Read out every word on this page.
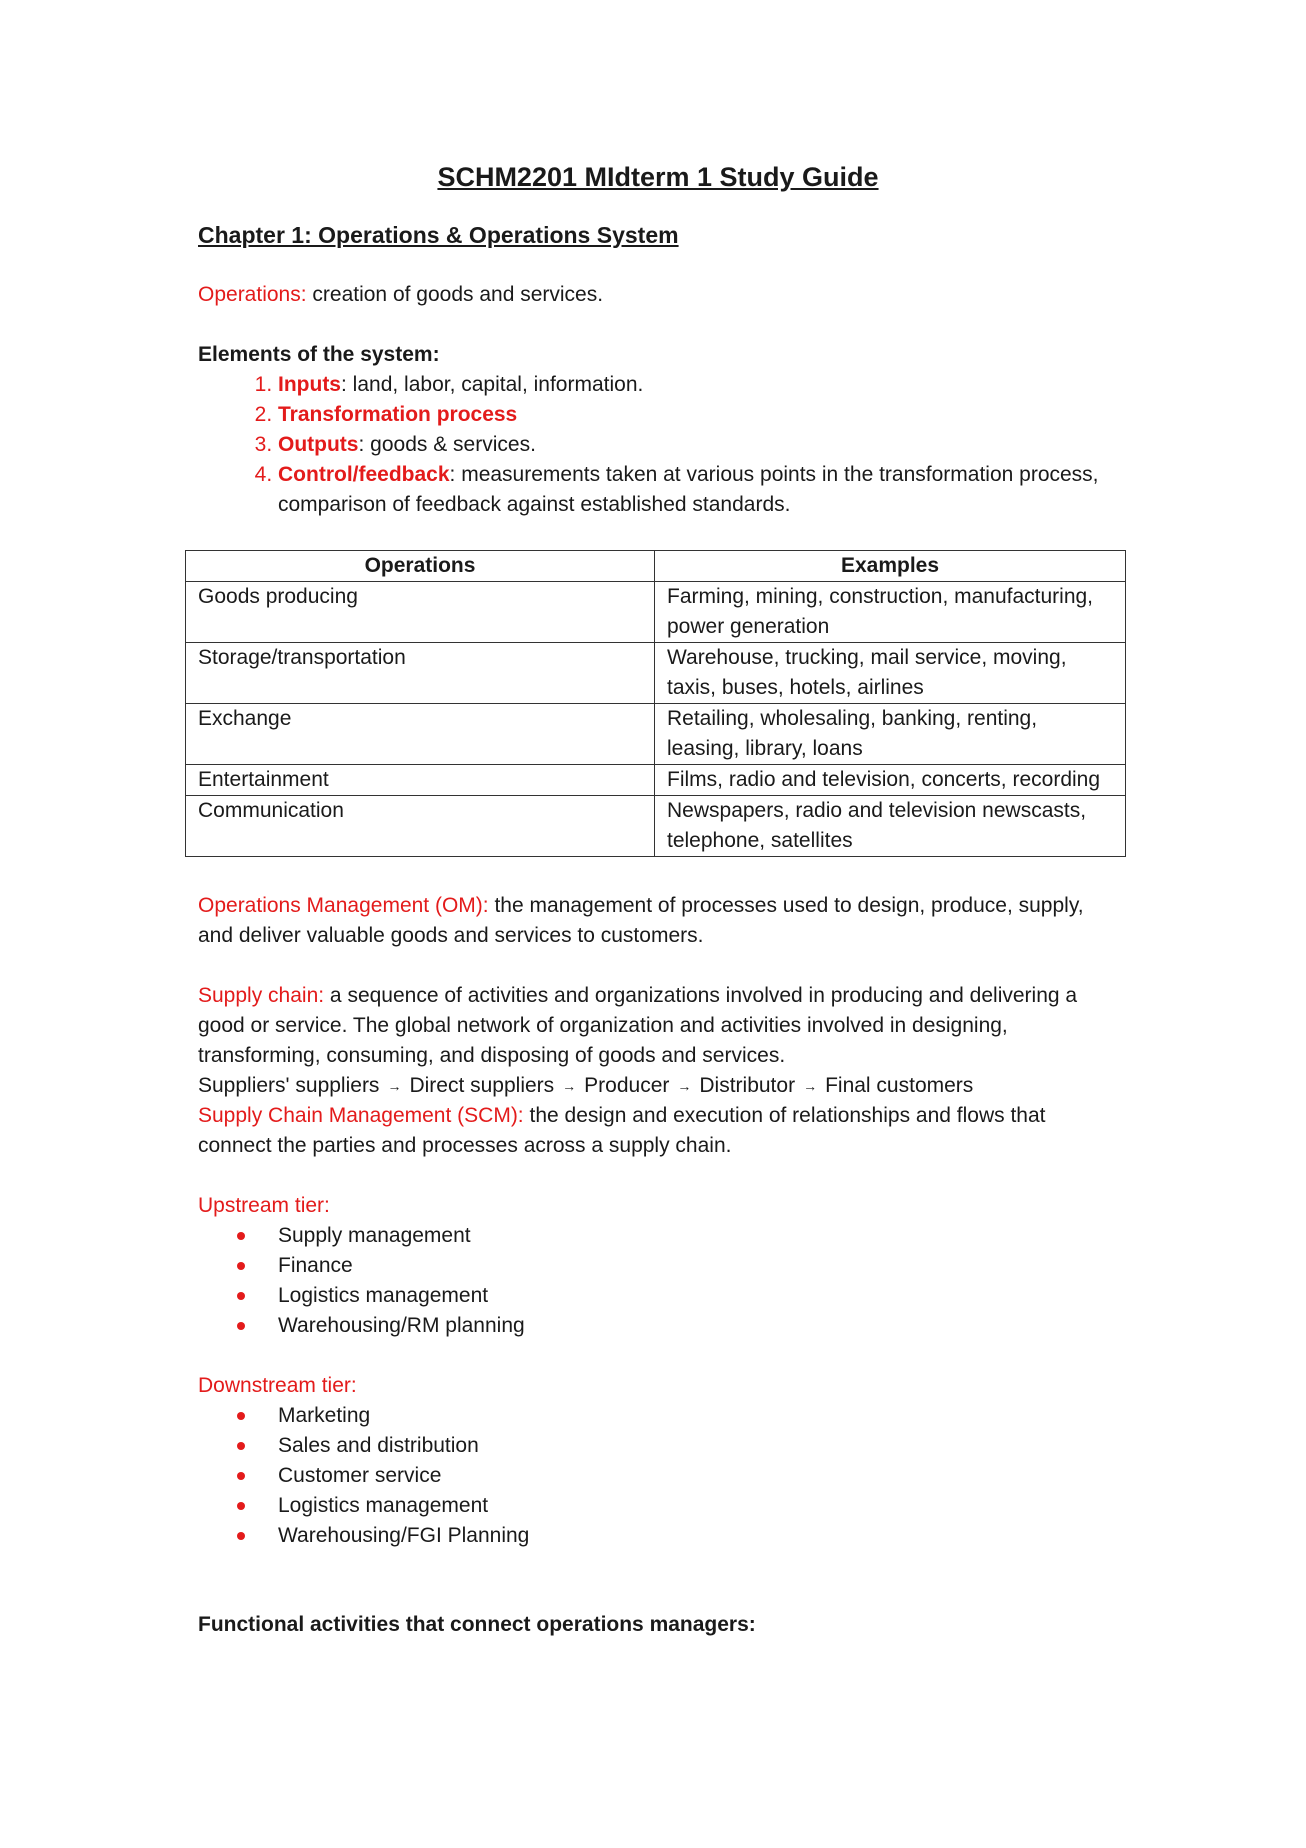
SCHM2201 MIdterm 1 Study Guide
Chapter 1: Operations & Operations System
Operations: creation of goods and services.
Elements of the system:
1. Inputs: land, labor, capital, information.
2. Transformation process
3. Outputs: goods & services.
4. Control/feedback: measurements taken at various points in the transformation process, comparison of feedback against established standards.
Operations	Examples
Goods producing	Farming, mining, construction, manufacturing, power generation
Storage/transportation	Warehouse, trucking, mail service, moving, taxis, buses, hotels, airlines
Exchange	Retailing, wholesaling, banking, renting, leasing, library, loans
Entertainment	Films, radio and television, concerts, recording
Communication	Newspapers, radio and television newscasts, telephone, satellites
Operations Management (OM): the management of processes used to design, produce, supply, and deliver valuable goods and services to customers.
Supply chain: a sequence of activities and organizations involved in producing and delivering a good or service. The global network of organization and activities involved in designing, transforming, consuming, and disposing of goods and services.
Suppliers' suppliers → Direct suppliers → Producer → Distributor → Final customers
Supply Chain Management (SCM): the design and execution of relationships and flows that connect the parties and processes across a supply chain.
Upstream tier:
Supply management
Finance
Logistics management
Warehousing/RM planning
Downstream tier:
Marketing
Sales and distribution
Customer service
Logistics management
Warehousing/FGI Planning
Functional activities that connect operations managers:
